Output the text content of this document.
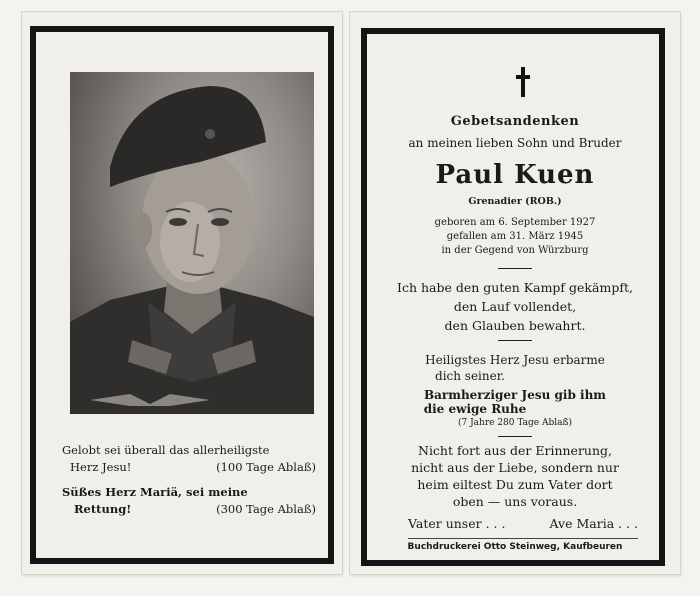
Gelobt sei überall das allerheiligste
Herz Jesu!	(100 Tage Ablaß)
Süßes Herz Mariä, sei meine
Rettung!	(300 Tage Ablaß)
Gebetsandenken
an meinen lieben Sohn und Bruder
Paul Kuen
Grenadier (ROB.)
geboren am 6. September 1927
gefallen am 31. März 1945
in der Gegend von Würzburg
Ich habe den guten Kampf gekämpft,
den Lauf vollendet,
den Glauben bewahrt.
Heiligstes Herz Jesu erbarme
dich seiner.
Barmherziger Jesu gib ihm
die ewige Ruhe
(7 Jahre 280 Tage Ablaß)
Nicht fort aus der Erinnerung,
nicht aus der Liebe, sondern nur
heim eiltest Du zum Vater dort
oben — uns voraus.
Vater unser . . .	Ave Maria . . .
Buchdruckerei Otto Steinweg, Kaufbeuren
